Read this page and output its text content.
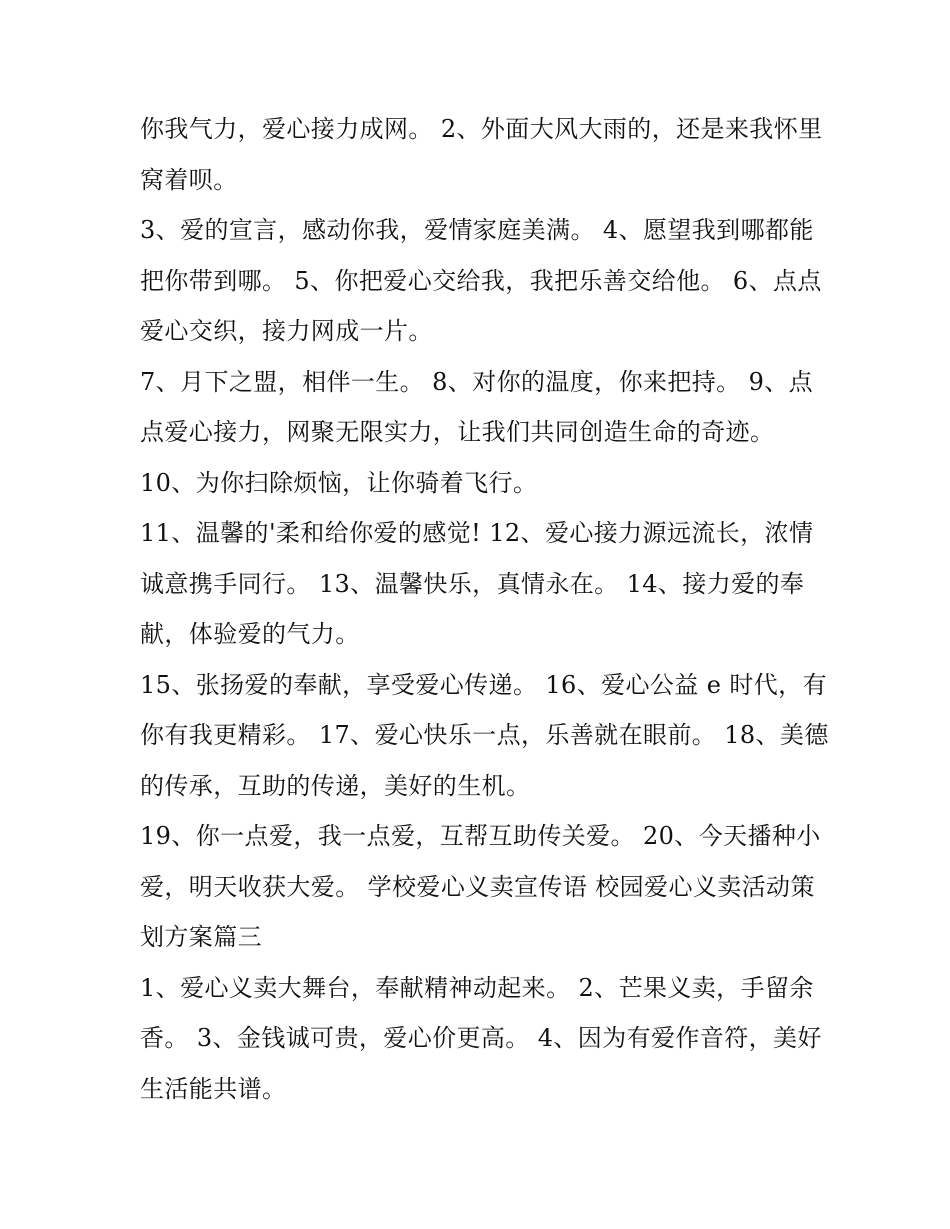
你我气力，爱心接力成网。 2、外面大风大雨的，还是来我怀里窝着呗。

3、爱的宣言，感动你我，爱情家庭美满。 4、愿望我到哪都能把你带到哪。 5、你把爱心交给我，我把乐善交给他。 6、点点爱心交织，接力网成一片。

7、月下之盟，相伴一生。 8、对你的温度，你来把持。 9、点点爱心接力，网聚无限实力，让我们共同创造生命的奇迹。

10、为你扫除烦恼，让你骑着飞行。

11、温馨的'柔和给你爱的感觉! 12、爱心接力源远流长，浓情诚意携手同行。 13、温馨快乐，真情永在。 14、接力爱的奉献，体验爱的气力。

15、张扬爱的奉献，享受爱心传递。 16、爱心公益 e 时代，有你有我更精彩。 17、爱心快乐一点，乐善就在眼前。 18、美德的传承，互助的传递，美好的生机。

19、你一点爱，我一点爱，互帮互助传关爱。 20、今天播种小爱，明天收获大爱。 学校爱心义卖宣传语 校园爱心义卖活动策划方案篇三

1、爱心义卖大舞台，奉献精神动起来。 2、芒果义卖，手留余香。 3、金钱诚可贵，爱心价更高。 4、因为有爱作音符，美好生活能共谱。
